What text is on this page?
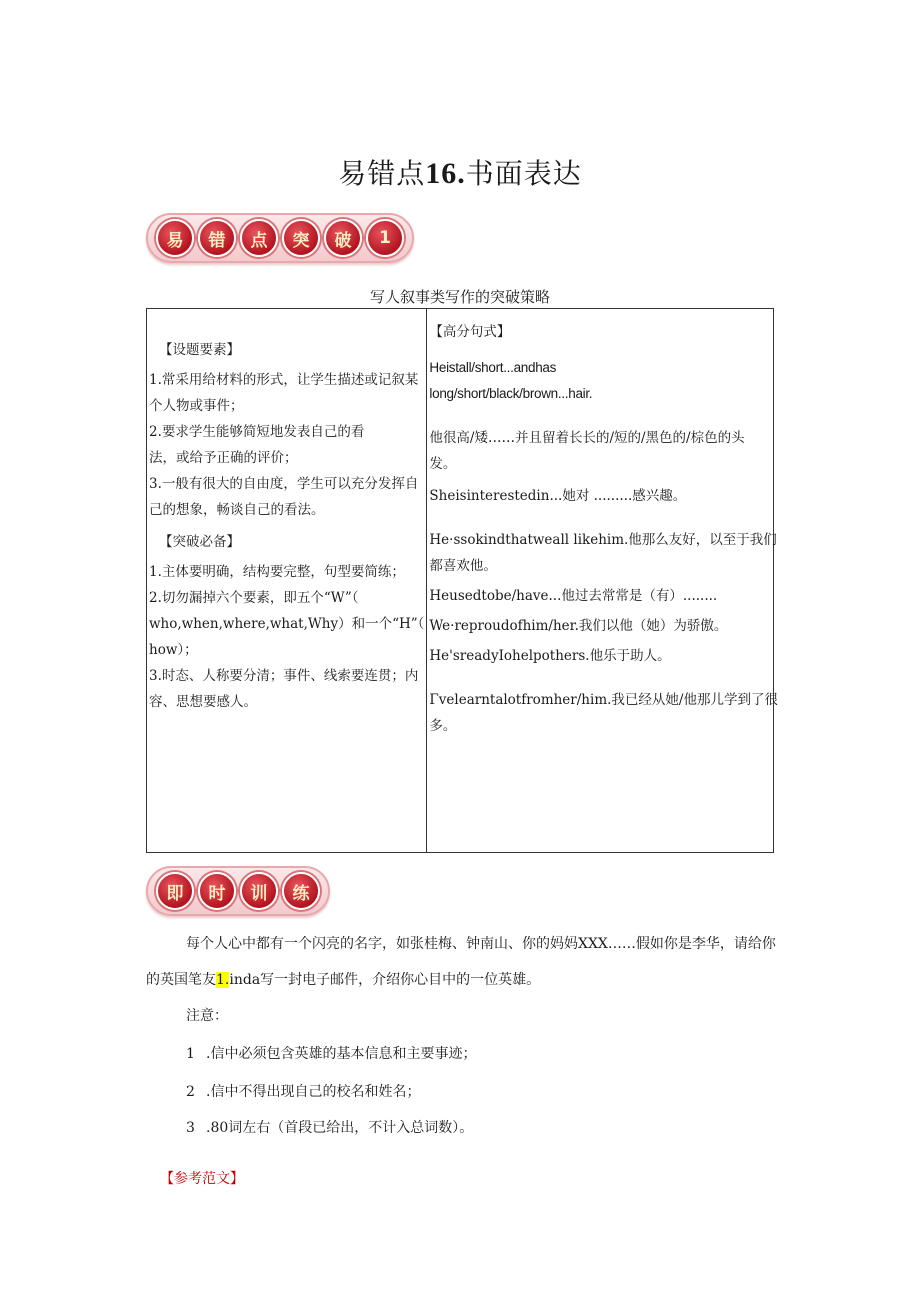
易错点16.书面表达
易	错	点	突	破	1
写人叙事类写作的突破策略
【设题要素】
1.常采用给材料的形式，让学生描述或记叙某
个人物或事件；
2.要求学生能够简短地发表自己的看
法，或给予正确的评价；
3.一般有很大的自由度，学生可以充分发挥自
己的想象，畅谈自己的看法。
【突破必备】
1.主体要明确，结构要完整，句型要简练；
2.切勿漏掉六个要素，即五个“W”（
who,when,where,what,Why）和一个“H”（
how）；
3.时态、人称要分清；事件、线索要连贯；内
容、思想要感人。
【高分句式】
Heistall/short...andhas
long/short/black/brown...hair.
他很高/矮……并且留着长长的/短的/黑色的/棕色的头
发。
Sheisinterestedin...她对 .........感兴趣。
He·ssokindthatweall likehim.他那么友好，以至于我们
都喜欢他。
Heusedtobe/have...他过去常常是（有）........
We·reproudofhim/her.我们以他（她）为骄傲。
He'sreadyIohelpothers.他乐于助人。
Γvelearntalotfromher/him.我已经从她/他那儿学到了很
多。
即	时	训	练
每个人心中都有一个闪亮的名字，如张桂梅、钟南山、你的妈妈XXX……假如你是李华，请给你的英国笔友1.inda写一封电子邮件，介绍你心目中的一位英雄。
注意：
1 .信中必须包含英雄的基本信息和主要事迹；
2 .信中不得出现自己的校名和姓名；
3 .80词左右（首段已给出，不计入总词数）。
【参考范文】
